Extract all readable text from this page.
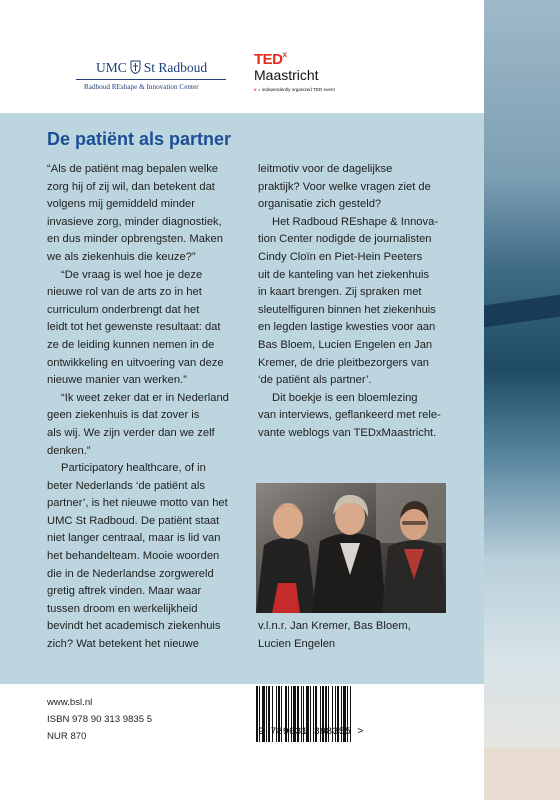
UMC St Radboud
Radboud REshape & Innovation Center
TED$^x$
Maastricht
x = independently organized TED event
De patiënt als partner

“Als de patiënt mag bepalen welke

zorg hij of zij wil, dan betekent dat

volgens mij gemiddeld minder

invasieve zorg, minder diagnostiek,

en dus minder opbrengsten. Maken

we als ziekenhuis die keuze?”

“De vraag is wel hoe je deze

nieuwe rol van de arts zo in het

curriculum onderbrengt dat het

leidt tot het gewenste resultaat: dat

ze de leiding kunnen nemen in de

ontwikkeling en uitvoering van deze

nieuwe manier van werken.”

“Ik weet zeker dat er in Nederland

geen ziekenhuis is dat zover is

als wij. We zijn verder dan we zelf

denken.”

Participatory healthcare, of in

beter Nederlands ‘de patiënt als

partner’, is het nieuwe motto van het

UMC St Radboud. De patiënt staat

niet langer centraal, maar is lid van

het behandelteam. Mooie woorden

die in de Nederlandse zorgwereld

gretig aftrek vinden. Maar waar

tussen droom en werkelijkheid

bevindt het academisch ziekenhuis

zich? Wat betekent het nieuwe

leitmotiv voor de dagelijkse

praktijk? Voor welke vragen ziet de

organisatie zich gesteld?

Het Radboud REshape & Innova-

tion Center nodigde de journalisten

Cindy Cloïn en Piet-Hein Peeters

uit de kanteling van het ziekenhuis

in kaart brengen. Zij spraken met

sleutelfiguren binnen het ziekenhuis

en legden lastige kwesties voor aan

Bas Bloem, Lucien Engelen en Jan

Kremer, de drie pleitbezorgers van

‘de patiënt als partner’.

Dit boekje is een bloemlezing

van interviews, geflankeerd met rele-

vante weblogs van TEDxMaastricht.

v.l.n.r. Jan Kremer, Bas Bloem,

Lucien Engelen

www.bsl.nl
ISBN 978 90 313 9835 5
NUR 870	9 789031 398355 >
